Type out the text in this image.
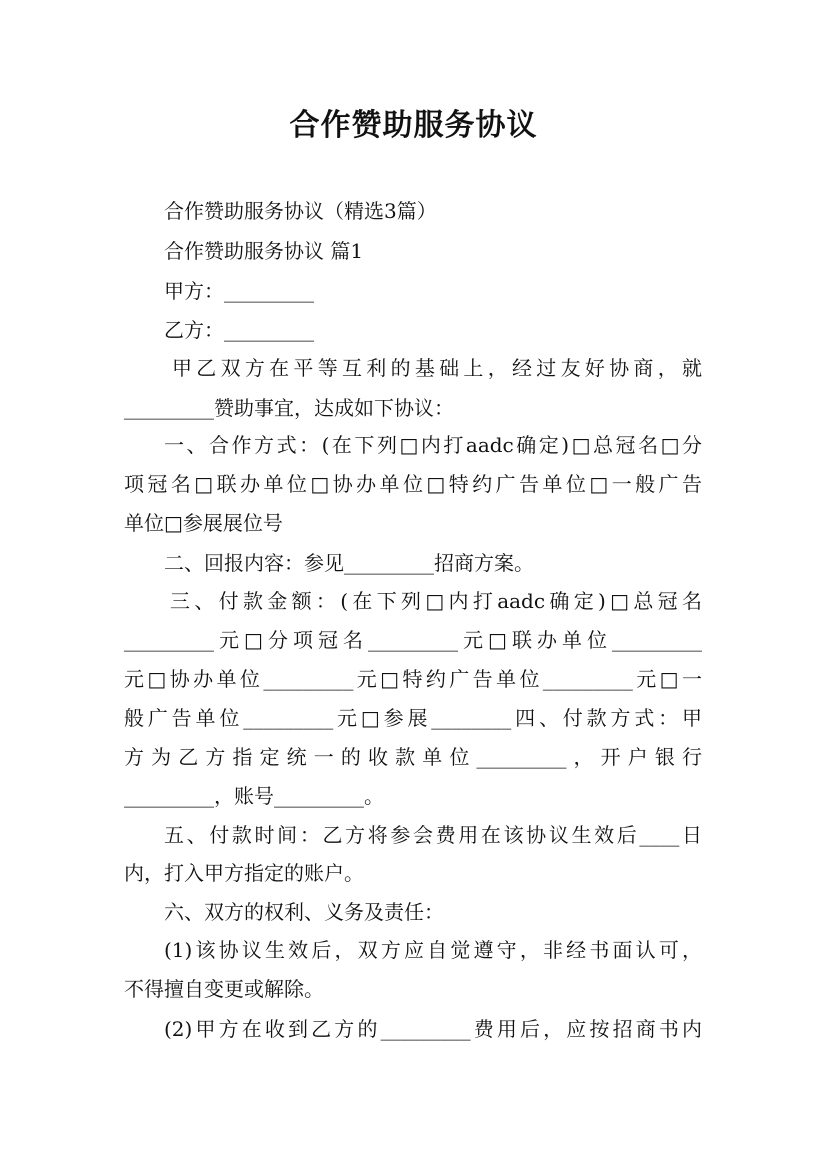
合作赞助服务协议
合作赞助服务协议（精选3篇）
合作赞助服务协议 篇1
甲方：_________
乙方：_________
甲乙双方在平等互利的基础上，经过友好协商，就
_________赞助事宜，达成如下协议：
一、合作方式：(在下列□内打aadc确定)□总冠名□分
项冠名□联办单位□协办单位□特约广告单位□一般广告
单位□参展展位号
二、回报内容：参见_________招商方案。
三、付款金额：(在下列□内打aadc确定)□总冠名
_________元□分项冠名_________元□联办单位_________
元□协办单位_________元□特约广告单位_________元□一
般广告单位_________元□参展________四、付款方式：甲
方为乙方指定统一的收款单位_________，开户银行
_________，账号_________。
五、付款时间：乙方将参会费用在该协议生效后____日
内，打入甲方指定的账户。
六、双方的权利、义务及责任：
(1)该协议生效后，双方应自觉遵守，非经书面认可，
不得擅自变更或解除。
(2)甲方在收到乙方的_________费用后，应按招商书内
